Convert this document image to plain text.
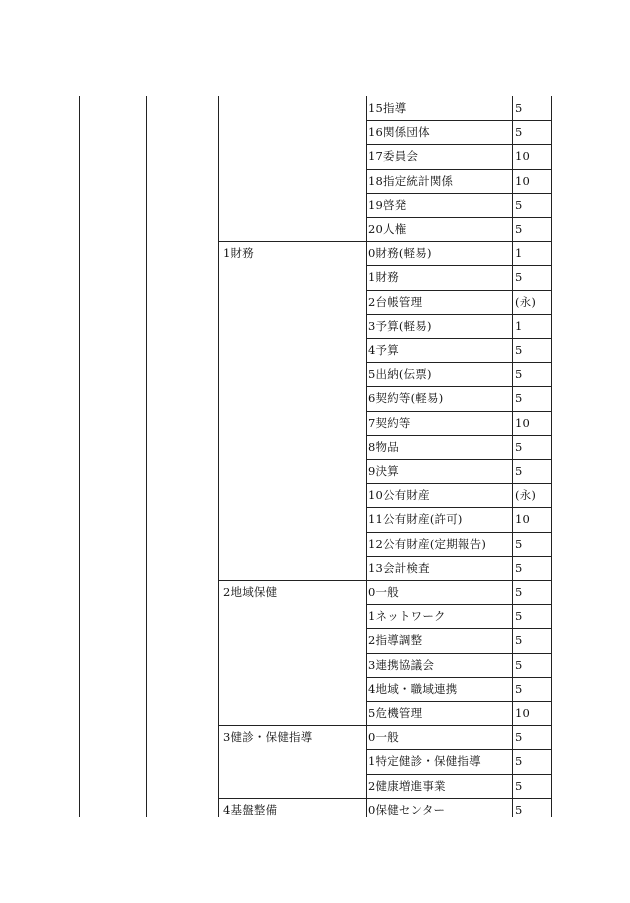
15指導	5
16関係団体	5
17委員会	10
18指定統計関係	10
19啓発	5
20人権	5
1財務	0財務(軽易)	1
1財務	5
2台帳管理	(永)
3予算(軽易)	1
4予算	5
5出納(伝票)	5
6契約等(軽易)	5
7契約等	10
8物品	5
9決算	5
10公有財産	(永)
11公有財産(許可)	10
12公有財産(定期報告)	5
13会計検査	5
2地域保健	0一般	5
1ネットワーク	5
2指導調整	5
3連携協議会	5
4地域・職域連携	5
5危機管理	10
3健診・保健指導	0一般	5
1特定健診・保健指導	5
2健康増進事業	5
4基盤整備	0保健センター	5
